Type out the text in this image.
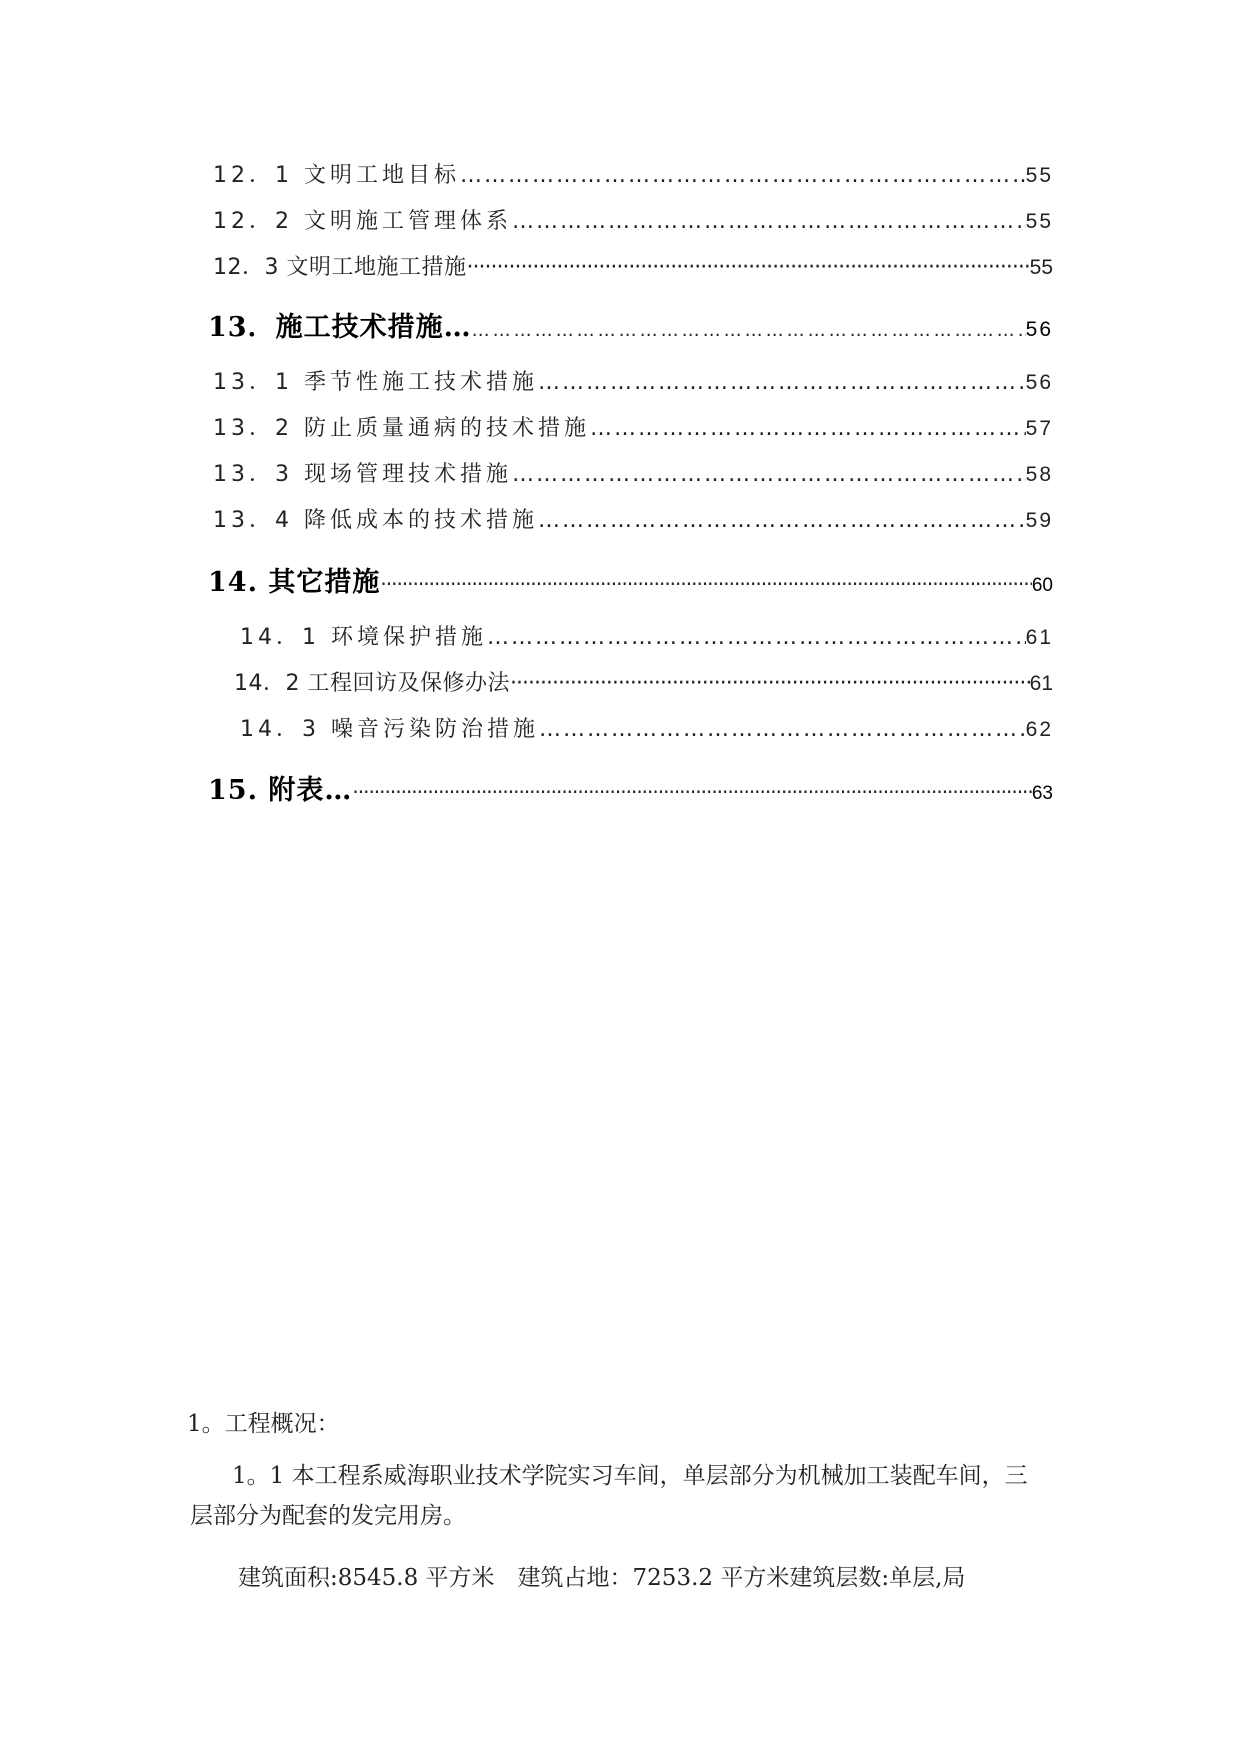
12．1 文明工地目标 …………………………………………………………………………………………………………………………………………………………………………………………………………………………………………………	55
12．2 文明施工管理体系 …………………………………………………………………………………………………………………………………………………………………………………………………………………………………………………	55
12．3 文明工地施工措施 ·····	55
13．施工技术措施… …………………………………………………………………………………………………………………………………………………………………………………………………………………………………………………	56
13．1 季节性施工技术措施 …………………………………………………………………………………………………………………………………………………………………………………………………………………………………………………	56
13．2 防止质量通病的技术措施 …………………………………………………………………………………………………………………………………………………………………………………………………………………………………………………	57
13．3 现场管理技术措施 …………………………………………………………………………………………………………………………………………………………………………………………………………………………………………………	58
13．4 降低成本的技术措施 …………………………………………………………………………………………………………………………………………………………………………………………………………………………………………………	59
14. 其它措施 ·····	60
14．1 环境保护措施 …………………………………………………………………………………………………………………………………………………………………………………………………………………………………………………	61
14．2 工程回访及保修办法 ·····	61
14．3 噪音污染防治措施 …………………………………………………………………………………………………………………………………………………………………………………………………………………………………………………	62
15. 附表… ·····	63
1。工程概况：
1。1 本工程系威海职业技术学院实习车间，单层部分为机械加工装配车间，三层部分为配套的发完用房。
建筑面积:8545.8 平方米　建筑占地：7253.2 平方米建筑层数:单层,局
